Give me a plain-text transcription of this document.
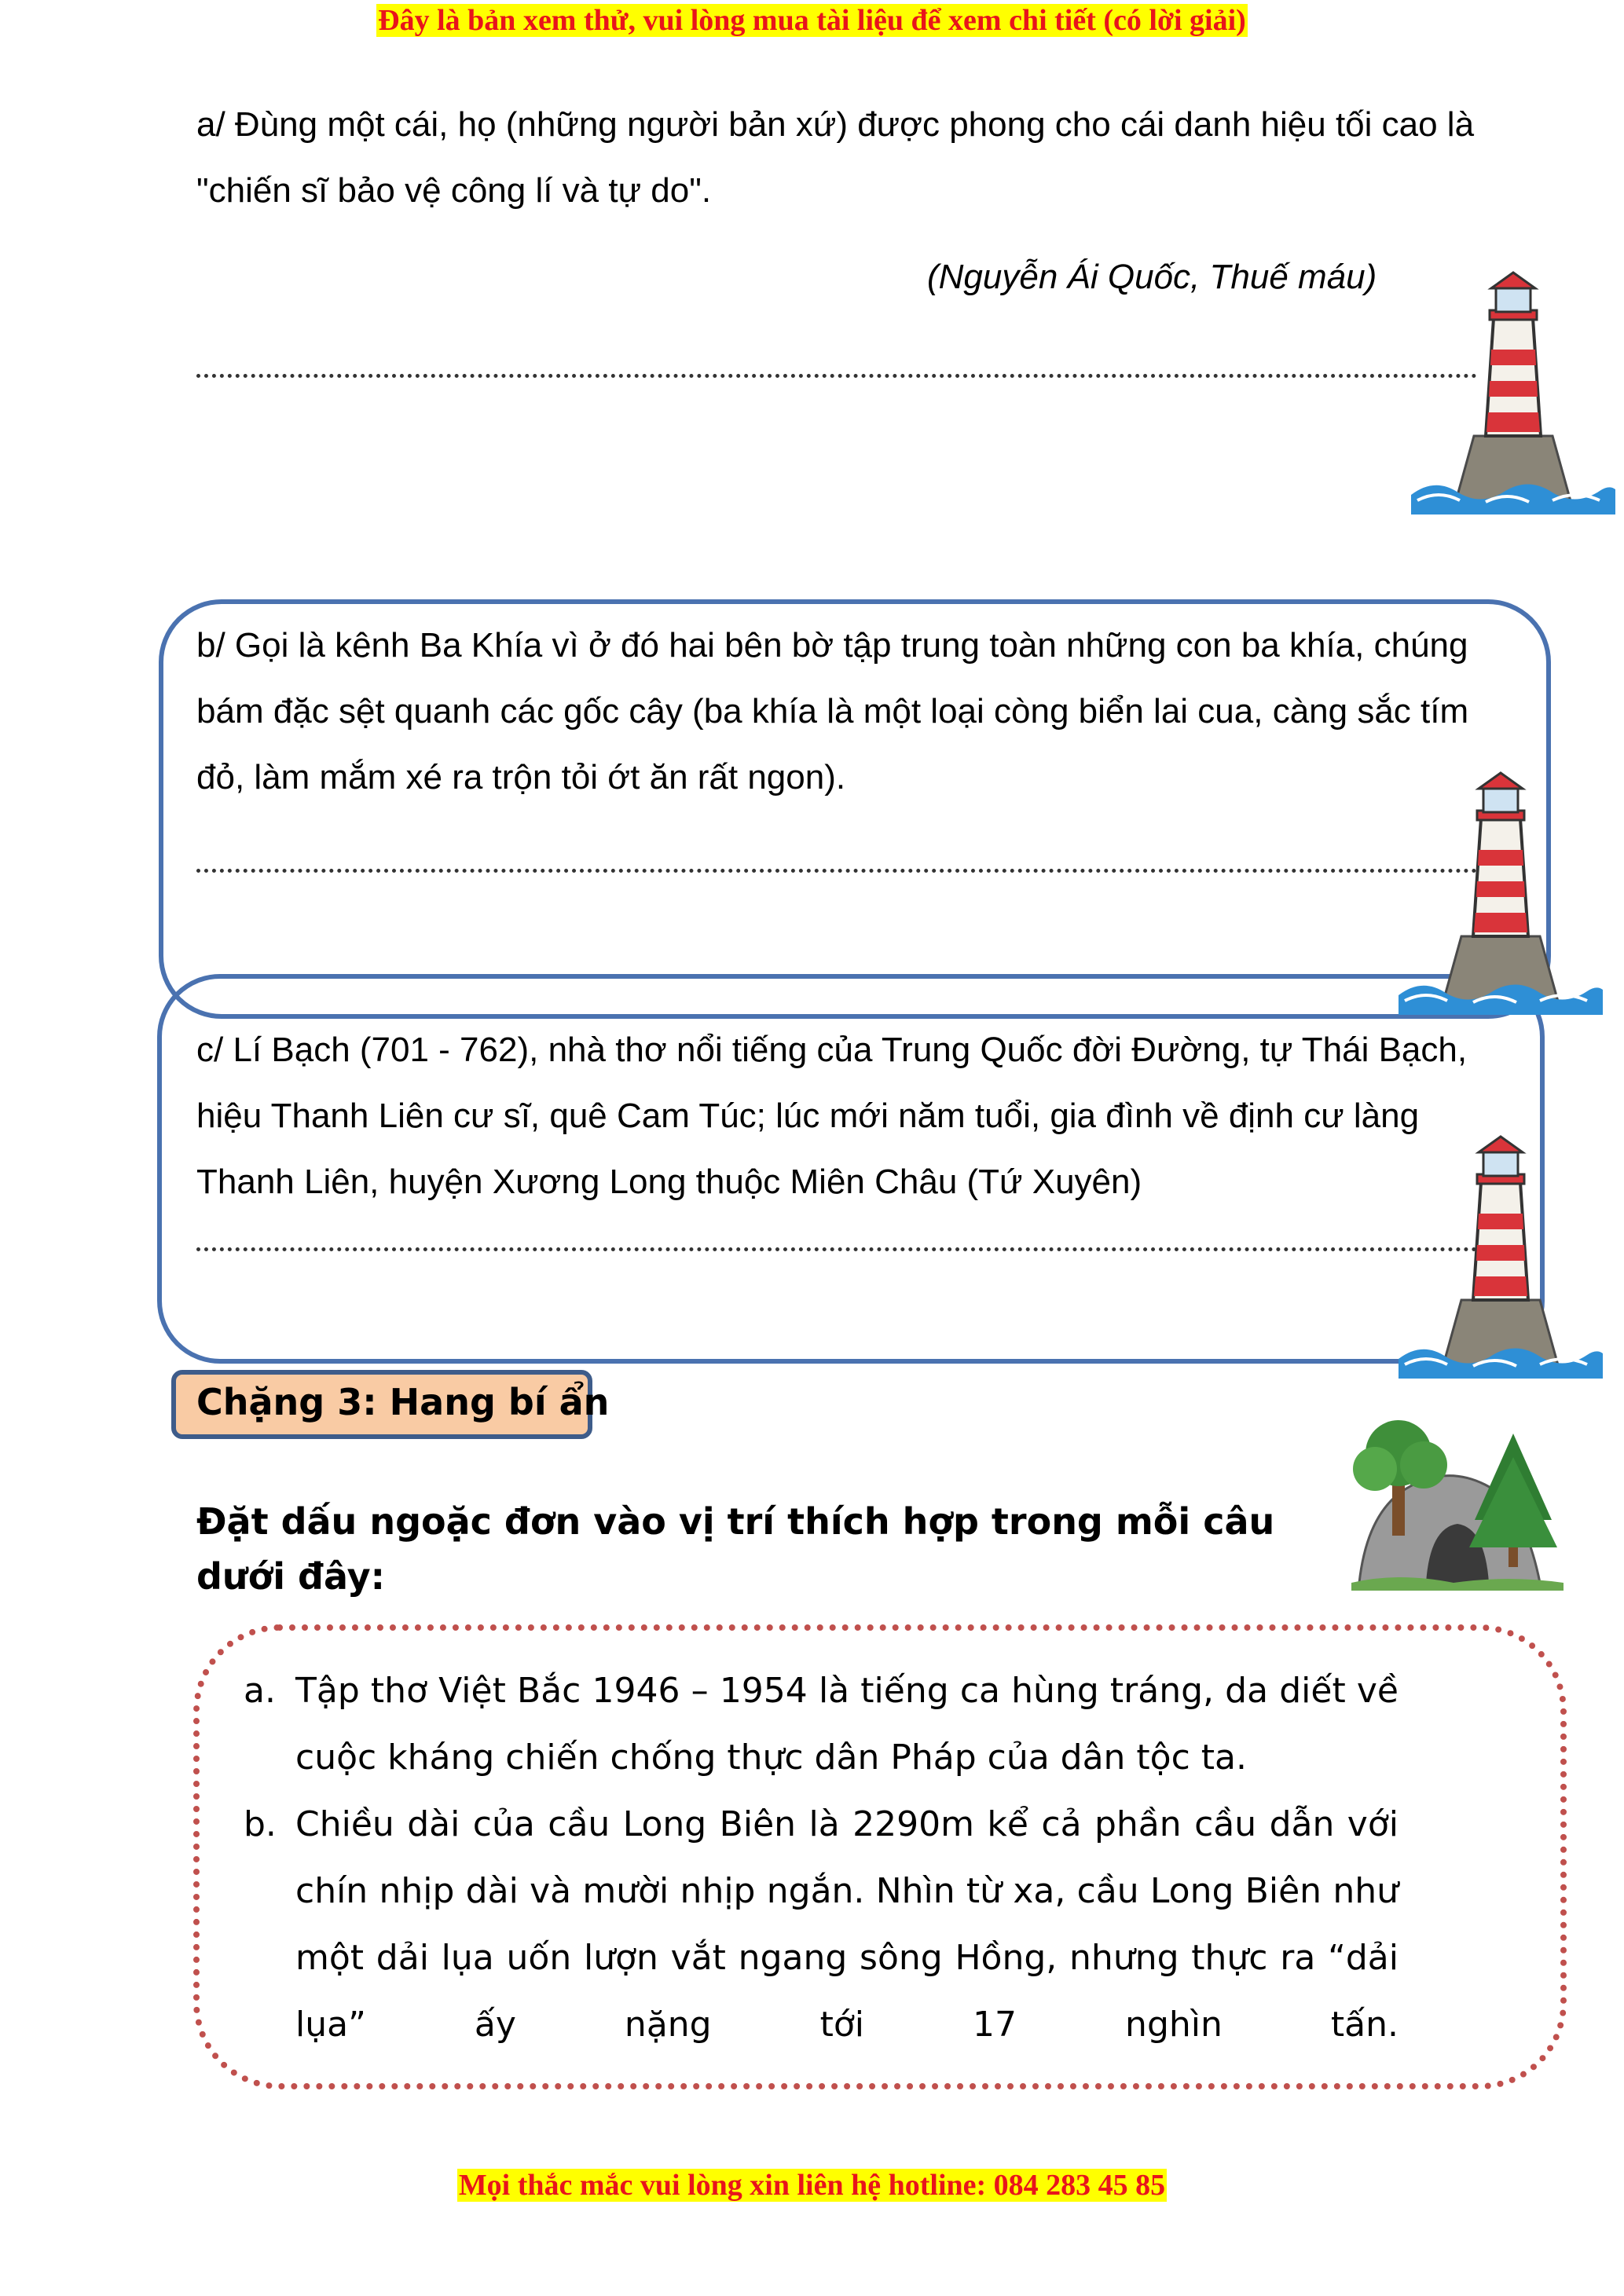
Đây là bản xem thử, vui lòng mua tài liệu để xem chi tiết (có lời giải)

a/ Đùng một cái, họ (những người bản xứ) được phong cho cái danh hiệu tối cao là "chiến sĩ bảo vệ công lí và tự do".

(Nguyễn Ái Quốc, Thuế máu)

b/ Gọi là kênh Ba Khía vì ở đó hai bên bờ tập trung toàn những con ba khía, chúng bám đặc sệt quanh các gốc cây (ba khía là một loại còng biển lai cua, càng sắc tím đỏ, làm mắm xé ra trộn tỏi ớt ăn rất ngon).

c/ Lí Bạch (701 - 762), nhà thơ nổi tiếng của Trung Quốc đời Đường, tự Thái Bạch, hiệu Thanh Liên cư sĩ, quê Cam Túc; lúc mới năm tuổi, gia đình về định cư làng Thanh Liên, huyện Xương Long thuộc Miên Châu (Tứ Xuyên)

Chặng 3: Hang bí ẩn

Đặt dấu ngoặc đơn vào vị trí thích hợp trong mỗi câu dưới đây:

a. Tập thơ Việt Bắc 1946 – 1954 là tiếng ca hùng tráng, da diết về cuộc kháng chiến chống thực dân Pháp của dân tộc ta.
b. Chiều dài của cầu Long Biên là 2290m kể cả phần cầu dẫn với chín nhịp dài và mười nhịp ngắn. Nhìn từ xa, cầu Long Biên như một dải lụa uốn lượn vắt ngang sông Hồng, nhưng thực ra “dải lụa” ấy nặng tới 17 nghìn tấn.
Mọi thắc mắc vui lòng xin liên hệ hotline: 084 283 45 85
